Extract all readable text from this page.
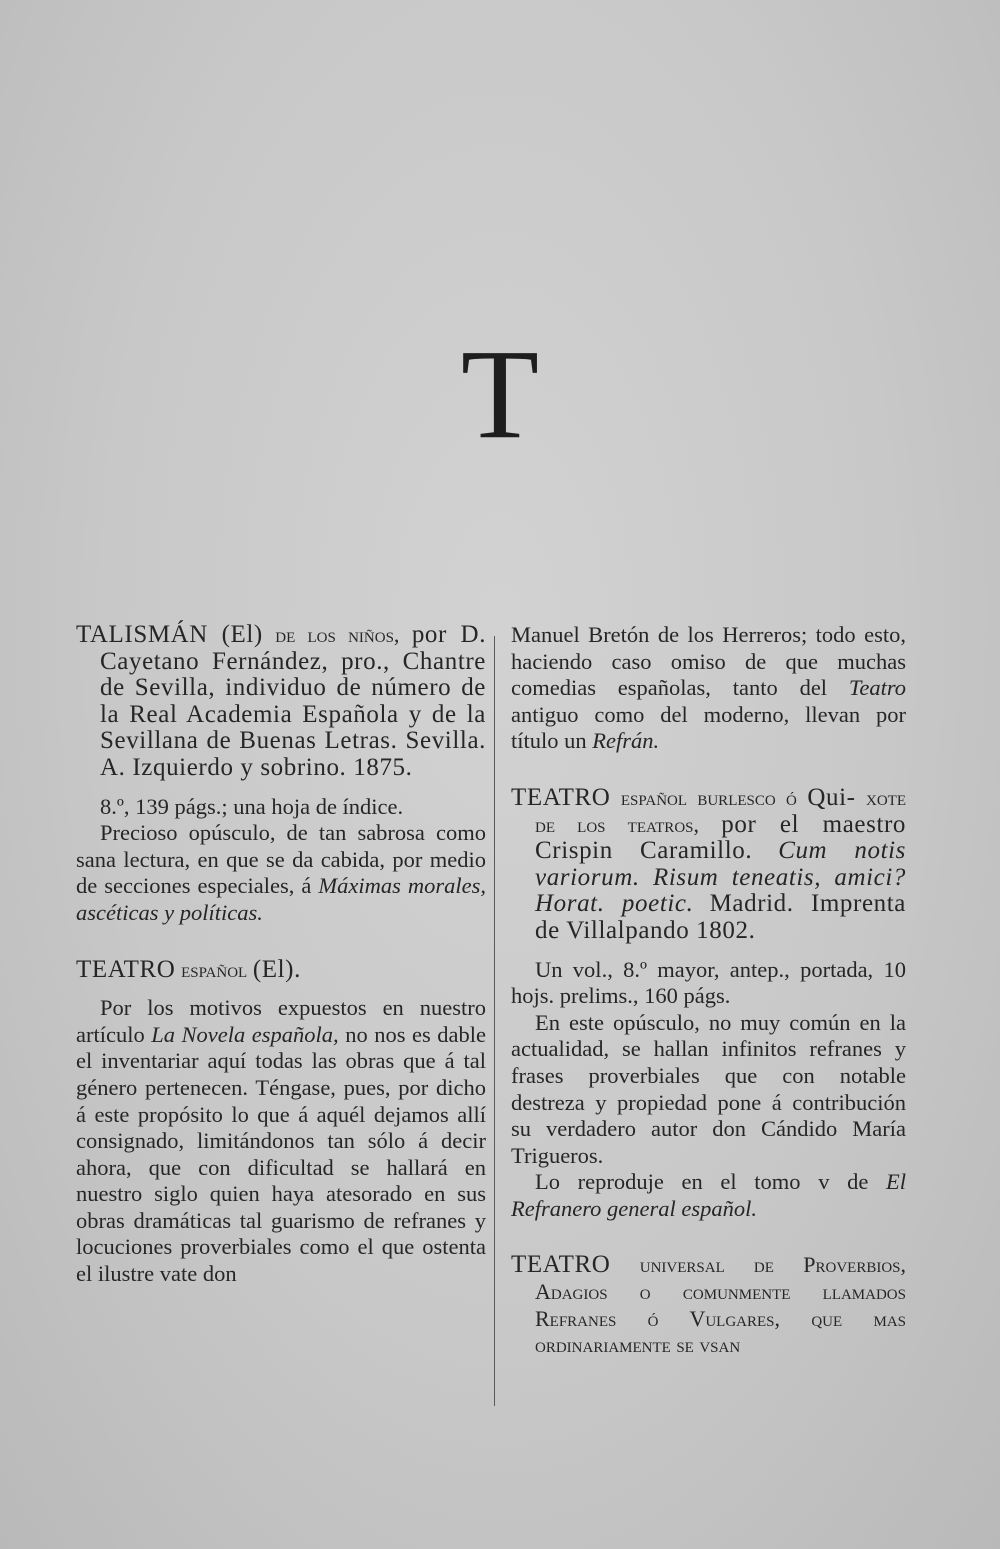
T
TALISMÁN (El) de los niños, por D. Cayetano Fernández, pro., Chantre de Sevilla, individuo de número de la Real Academia Española y de la Sevillana de Buenas Letras. Sevilla. A. Izquierdo y sobrino. 1875.

8.º, 139 págs.; una hoja de índice.

Precioso opúsculo, de tan sabrosa como sana lectura, en que se da cabida, por medio de secciones especiales, á Máximas morales, ascéticas y políticas.

TEATRO español (El).

Por los motivos expuestos en nuestro artículo La Novela española, no nos es dable el inventariar aquí todas las obras que á tal género pertenecen. Téngase, pues, por dicho á este propósito lo que á aquél dejamos allí consignado, limitándonos tan sólo á decir ahora, que con dificultad se hallará en nuestro siglo quien haya atesorado en sus obras dramáticas tal guarismo de refranes y locuciones proverbiales como el que ostenta el ilustre vate don

Manuel Bretón de los Herreros; todo esto, haciendo caso omiso de que muchas comedias españolas, tanto del Teatro antiguo como del moderno, llevan por título un Refrán.

TEATRO español burlesco ó Qui- xote de los teatros, por el maestro Crispin Caramillo. Cum notis variorum. Risum teneatis, amici? Horat. poetic. Madrid. Imprenta de Villalpando 1802.

Un vol., 8.º mayor, antep., portada, 10 hojs. prelims., 160 págs.

En este opúsculo, no muy común en la actualidad, se hallan infinitos refranes y frases proverbiales que con notable destreza y propiedad pone á contribución su verdadero autor don Cándido María Trigueros.

Lo reproduje en el tomo v de El Refranero general español.

TEATRO universal de Proverbios, Adagios o comunmente llamados Refranes ó Vulgares, que mas ordinariamente se vsan
